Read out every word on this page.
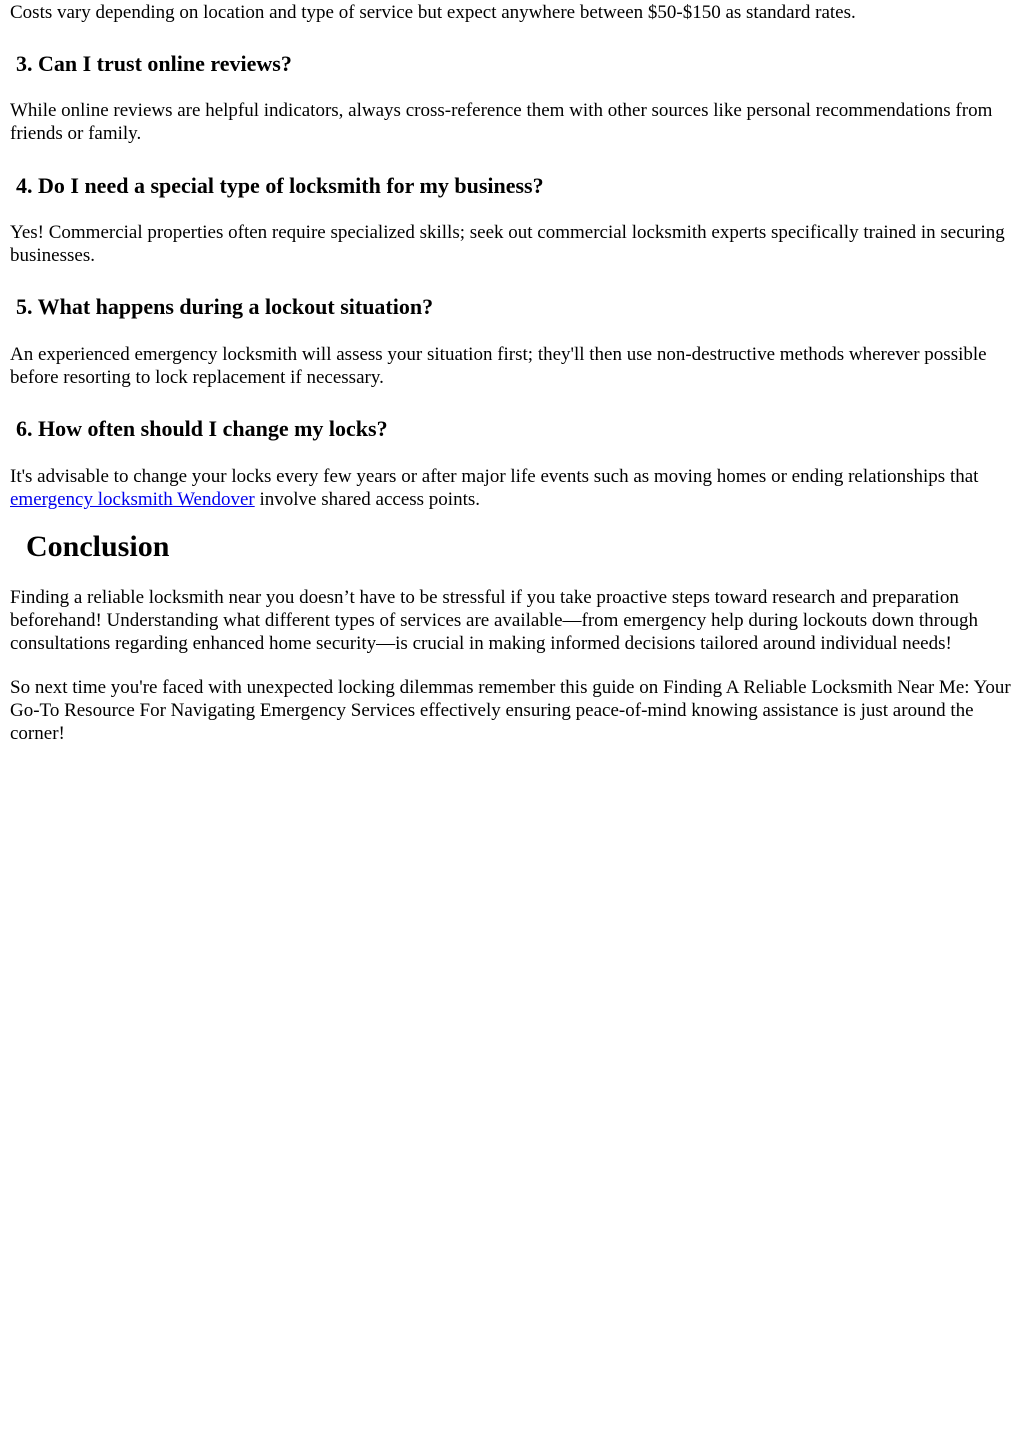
Costs vary depending on location and type of service but expect anywhere between $50-$150 as standard rates.

3. Can I trust online reviews?

While online reviews are helpful indicators, always cross-reference them with other sources like personal recommendations from friends or family.

4. Do I need a special type of locksmith for my business?

Yes! Commercial properties often require specialized skills; seek out commercial locksmith experts specifically trained in securing businesses.

5. What happens during a lockout situation?

An experienced emergency locksmith will assess your situation first; they'll then use non-destructive methods wherever possible before resorting to lock replacement if necessary.

6. How often should I change my locks?

It's advisable to change your locks every few years or after major life events such as moving homes or ending relationships that emergency locksmith Wendover involve shared access points.

Conclusion

Finding a reliable locksmith near you doesn’t have to be stressful if you take proactive steps toward research and preparation beforehand! Understanding what different types of services are available—from emergency help during lockouts down through consultations regarding enhanced home security—is crucial in making informed decisions tailored around individual needs!

So next time you're faced with unexpected locking dilemmas remember this guide on Finding A Reliable Locksmith Near Me: Your Go-To Resource For Navigating Emergency Services effectively ensuring peace-of-mind knowing assistance is just around the corner!
